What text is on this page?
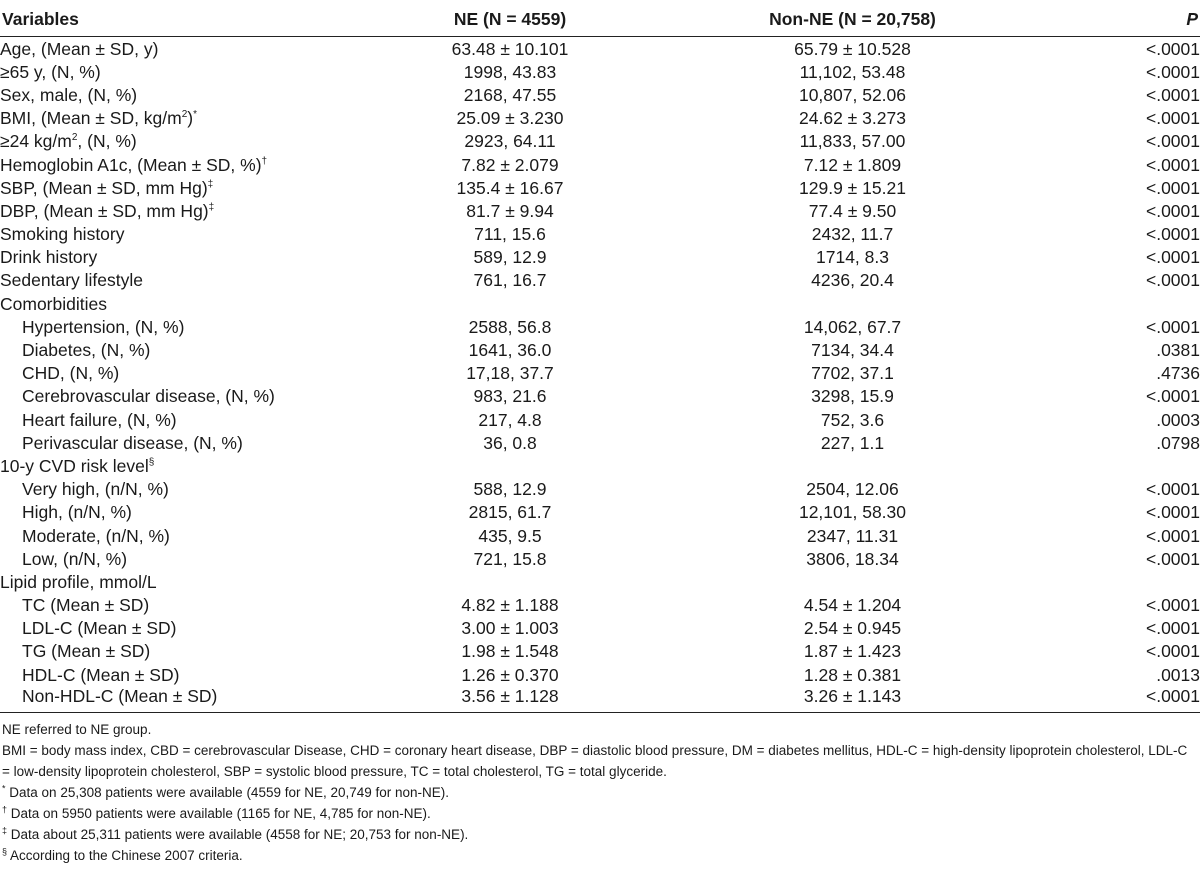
Variables	NE (N = 4559)	Non-NE (N = 20,758)	P
Age, (Mean ± SD, y)	63.48 ± 10.101	65.79 ± 10.528	<.0001
≥65 y, (N, %)	1998, 43.83	11,102, 53.48	<.0001
Sex, male, (N, %)	2168, 47.55	10,807, 52.06	<.0001
BMI, (Mean ± SD, $kg/m^2)^*$	25.09 ± 3.230	24.62 ± 3.273	<.0001
≥24 $kg/m^2$, (N, %)	2923, 64.11	11,833, 57.00	<.0001
Hemoglobin A1c, (Mean ± SD, %)†	7.82 ± 2.079	7.12 ± 1.809	<.0001
SBP, (Mean ± SD, mm Hg)‡	135.4 ± 16.67	129.9 ± 15.21	<.0001
DBP, (Mean ± SD, mm Hg)‡	81.7 ± 9.94	77.4 ± 9.50	<.0001
Smoking history	711, 15.6	2432, 11.7	<.0001
Drink history	589, 12.9	1714, 8.3	<.0001
Sedentary lifestyle	761, 16.7	4236, 20.4	<.0001
Comorbidities			
Hypertension, (N, %)	2588, 56.8	14,062, 67.7	<.0001
Diabetes, (N, %)	1641, 36.0	7134, 34.4	.0381
CHD, (N, %)	17,18, 37.7	7702, 37.1	.4736
Cerebrovascular disease, (N, %)	983, 21.6	3298, 15.9	<.0001
Heart failure, (N, %)	217, 4.8	752, 3.6	.0003
Perivascular disease, (N, %)	36, 0.8	227, 1.1	.0798
10-y CVD risk level§			
Very high, (n/N, %)	588, 12.9	2504, 12.06	<.0001
High, (n/N, %)	2815, 61.7	12,101, 58.30	<.0001
Moderate, (n/N, %)	435, 9.5	2347, 11.31	<.0001
Low, (n/N, %)	721, 15.8	3806, 18.34	<.0001
Lipid profile, mmol/L			
TC (Mean ± SD)	4.82 ± 1.188	4.54 ± 1.204	<.0001
LDL-C (Mean ± SD)	3.00 ± 1.003	2.54 ± 0.945	<.0001
TG (Mean ± SD)	1.98 ± 1.548	1.87 ± 1.423	<.0001
HDL-C (Mean ± SD)	1.26 ± 0.370	1.28 ± 0.381	.0013
Non-HDL-C (Mean ± SD)	3.56 ± 1.128	3.26 ± 1.143	<.0001
NE referred to NE group.
BMI = body mass index, CBD = cerebrovascular Disease, CHD = coronary heart disease, DBP = diastolic blood pressure, DM = diabetes mellitus, HDL-C = high-density lipoprotein cholesterol, LDL-C = low-density lipoprotein cholesterol, SBP = systolic blood pressure, TC = total cholesterol, TG = total glyceride.
* Data on 25,308 patients were available (4559 for NE, 20,749 for non-NE).
† Data on 5950 patients were available (1165 for NE, 4,785 for non-NE).
‡ Data about 25,311 patients were available (4558 for NE; 20,753 for non-NE).
§ According to the Chinese 2007 criteria.
